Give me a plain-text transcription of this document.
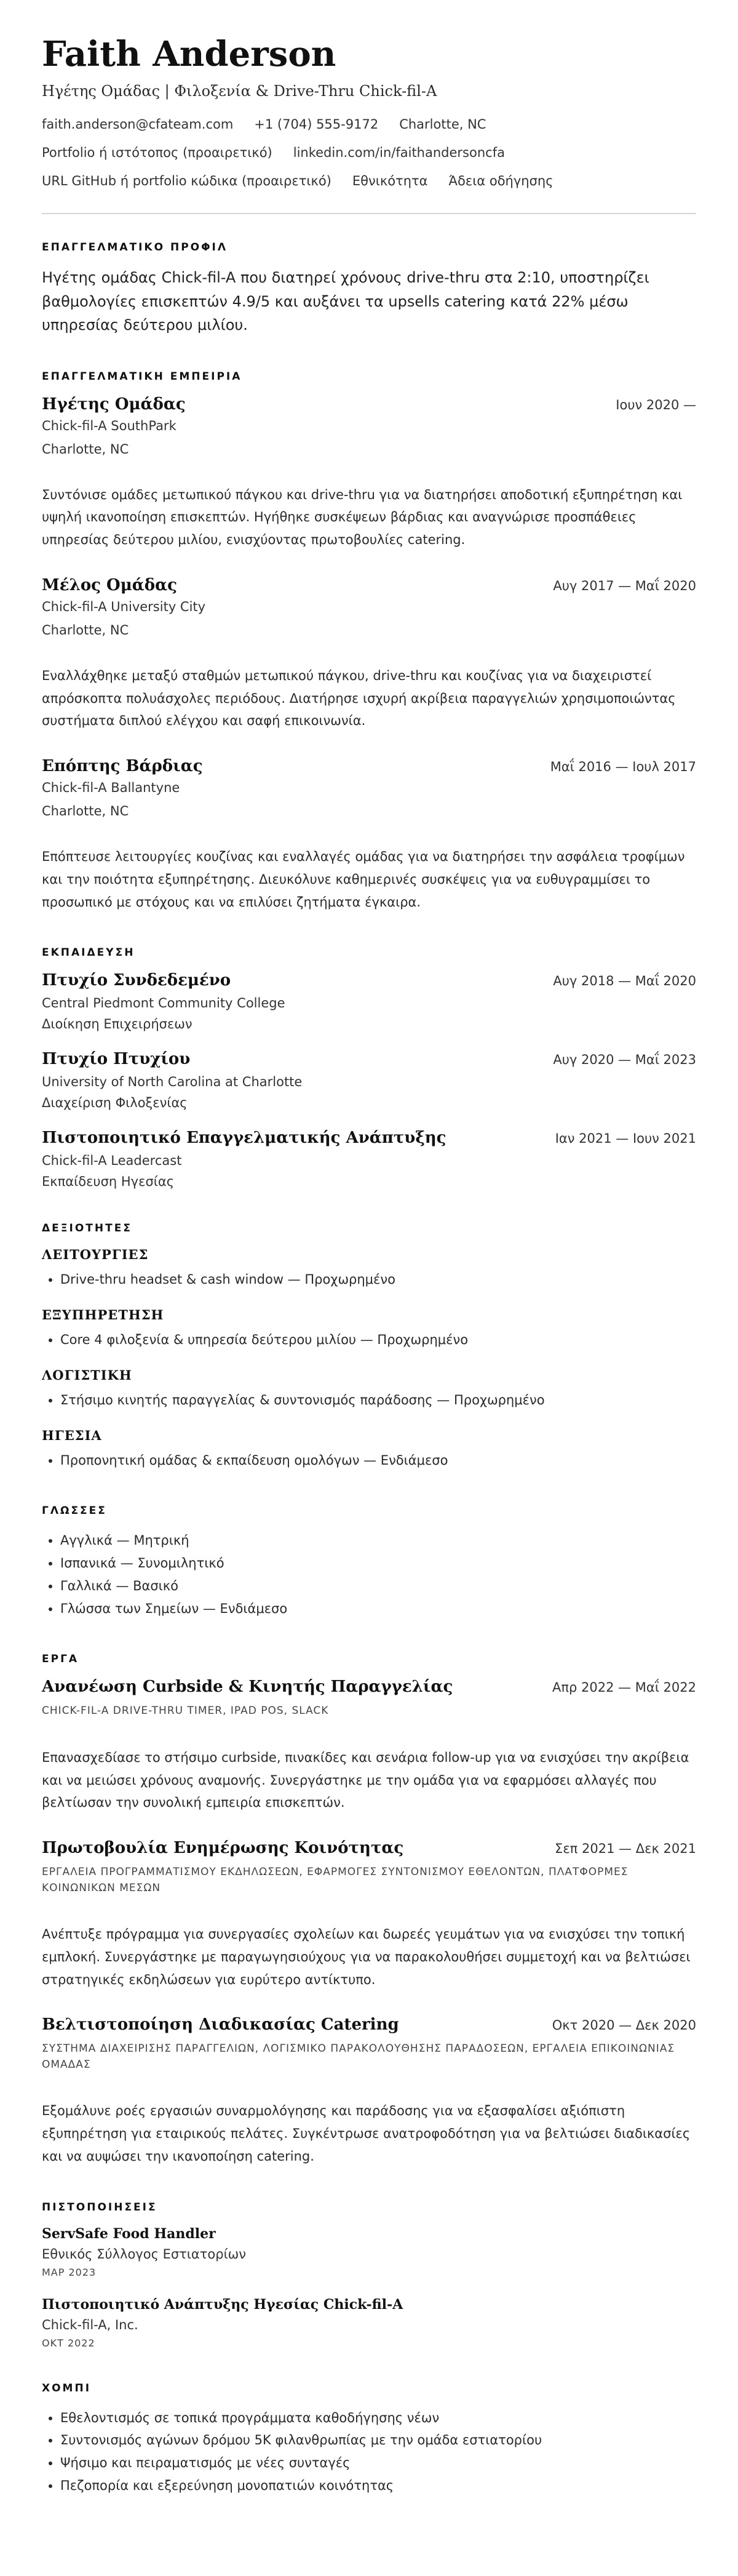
Faith Anderson
Ηγέτης Ομάδας | Φιλοξενία & Drive-Thru Chick-fil-A
faith.anderson@cfateam.com +1 (704) 555-9172 Charlotte, NC
Portfolio ή ιστότοπος (προαιρετικό) linkedin.com/in/faithandersoncfa
URL GitHub ή portfolio κώδικα (προαιρετικό) Εθνικότητα Άδεια οδήγησης
ΕΠΑΓΓΕΛΜΑΤΙΚΟ ΠΡΟΦΙΛ

Ηγέτης ομάδας Chick-fil-A που διατηρεί χρόνους drive-thru στα 2:10, υποστηρίζει βαθμολογίες επισκεπτών 4.9/5 και αυξάνει τα upsells catering κατά 22% μέσω υπηρεσίας δεύτερου μιλίου.

ΕΠΑΓΓΕΛΜΑΤΙΚΗ ΕΜΠΕΙΡΙΑ
Ηγέτης Ομάδας	Ιουν 2020 —
Chick-fil-A SouthPark
Charlotte, NC

Συντόνισε ομάδες μετωπικού πάγκου και drive-thru για να διατηρήσει αποδοτική εξυπηρέτηση και υψηλή ικανοποίηση επισκεπτών. Ηγήθηκε συσκέψεων βάρδιας και αναγνώρισε προσπάθειες υπηρεσίας δεύτερου μιλίου, ενισχύοντας πρωτοβουλίες catering.

Μέλος Ομάδας	Αυγ 2017 — Μαΐ 2020
Chick-fil-A University City
Charlotte, NC

Εναλλάχθηκε μεταξύ σταθμών μετωπικού πάγκου, drive-thru και κουζίνας για να διαχειριστεί απρόσκοπτα πολυάσχολες περιόδους. Διατήρησε ισχυρή ακρίβεια παραγγελιών χρησιμοποιώντας συστήματα διπλού ελέγχου και σαφή επικοινωνία.

Επόπτης Βάρδιας	Μαΐ 2016 — Ιουλ 2017
Chick-fil-A Ballantyne
Charlotte, NC

Επόπτευσε λειτουργίες κουζίνας και εναλλαγές ομάδας για να διατηρήσει την ασφάλεια τροφίμων και την ποιότητα εξυπηρέτησης. Διευκόλυνε καθημερινές συσκέψεις για να ευθυγραμμίσει το προσωπικό με στόχους και να επιλύσει ζητήματα έγκαιρα.

ΕΚΠΑΙΔΕΥΣΗ
Πτυχίο Συνδεδεμένο	Αυγ 2018 — Μαΐ 2020
Central Piedmont Community College
Διοίκηση Επιχειρήσεων
Πτυχίο Πτυχίου	Αυγ 2020 — Μαΐ 2023
University of North Carolina at Charlotte
Διαχείριση Φιλοξενίας
Πιστοποιητικό Επαγγελματικής Ανάπτυξης	Ιαν 2021 — Ιουν 2021
Chick-fil-A Leadercast
Εκπαίδευση Ηγεσίας
ΔΕΞΙΟΤΗΤΕΣ
ΛΕΙΤΟΥΡΓΙΕΣ
• Drive-thru headset & cash window — Προχωρημένο
ΕΞΥΠΗΡΕΤΗΣΗ
• Core 4 φιλοξενία & υπηρεσία δεύτερου μιλίου — Προχωρημένο
ΛΟΓΙΣΤΙΚΗ
• Στήσιμο κινητής παραγγελίας & συντονισμός παράδοσης — Προχωρημένο
ΗΓΕΣΙΑ
• Προπονητική ομάδας & εκπαίδευση ομολόγων — Ενδιάμεσο
ΓΛΩΣΣΕΣ
• Αγγλικά — Μητρική
• Ισπανικά — Συνομιλητικό
• Γαλλικά — Βασικό
• Γλώσσα των Σημείων — Ενδιάμεσο
ΕΡΓΑ
Ανανέωση Curbside & Κινητής Παραγγελίας	Απρ 2022 — Μαΐ 2022
CHICK-FIL-A DRIVE-THRU TIMER, IPAD POS, SLACK

Επανασχεδίασε το στήσιμο curbside, πινακίδες και σενάρια follow-up για να ενισχύσει την ακρίβεια και να μειώσει χρόνους αναμονής. Συνεργάστηκε με την ομάδα για να εφαρμόσει αλλαγές που βελτίωσαν την συνολική εμπειρία επισκεπτών.

Πρωτοβουλία Ενημέρωσης Κοινότητας	Σεπ 2021 — Δεκ 2021
ΕΡΓΑΛΕΙΑ ΠΡΟΓΡΑΜΜΑΤΙΣΜΟΥ ΕΚΔΗΛΩΣΕΩΝ, ΕΦΑΡΜΟΓΕΣ ΣΥΝΤΟΝΙΣΜΟΥ ΕΘΕΛΟΝΤΩΝ, ΠΛΑΤΦΟΡΜΕΣ ΚΟΙΝΩΝΙΚΩΝ ΜΕΣΩΝ

Ανέπτυξε πρόγραμμα για συνεργασίες σχολείων και δωρεές γευμάτων για να ενισχύσει την τοπική εμπλοκή. Συνεργάστηκε με παραγωγησιούχους για να παρακολουθήσει συμμετοχή και να βελτιώσει στρατηγικές εκδηλώσεων για ευρύτερο αντίκτυπο.

Βελτιστοποίηση Διαδικασίας Catering	Οκτ 2020 — Δεκ 2020
ΣΥΣΤΗΜΑ ΔΙΑΧΕΙΡΙΣΗΣ ΠΑΡΑΓΓΕΛΙΩΝ, ΛΟΓΙΣΜΙΚΟ ΠΑΡΑΚΟΛΟΥΘΗΣΗΣ ΠΑΡΑΔΟΣΕΩΝ, ΕΡΓΑΛΕΙΑ ΕΠΙΚΟΙΝΩΝΙΑΣ ΟΜΑΔΑΣ

Εξομάλυνε ροές εργασιών συναρμολόγησης και παράδοσης για να εξασφαλίσει αξιόπιστη εξυπηρέτηση για εταιρικούς πελάτες. Συγκέντρωσε ανατροφοδότηση για να βελτιώσει διαδικασίες και να αυψώσει την ικανοποίηση catering.

ΠΙΣΤΟΠΟΙΗΣΕΙΣ
ServSafe Food Handler
Εθνικός Σύλλογος Εστιατορίων
ΜΑΡ 2023
Πιστοποιητικό Ανάπτυξης Ηγεσίας Chick-fil-A
Chick-fil-A, Inc.
ΟΚΤ 2022
ΧΟΜΠΙ
• Εθελοντισμός σε τοπικά προγράμματα καθοδήγησης νέων
• Συντονισμός αγώνων δρόμου 5K φιλανθρωπίας με την ομάδα εστιατορίου
• Ψήσιμο και πειραματισμός με νέες συνταγές
• Πεζοπορία και εξερεύνηση μονοπατιών κοινότητας
